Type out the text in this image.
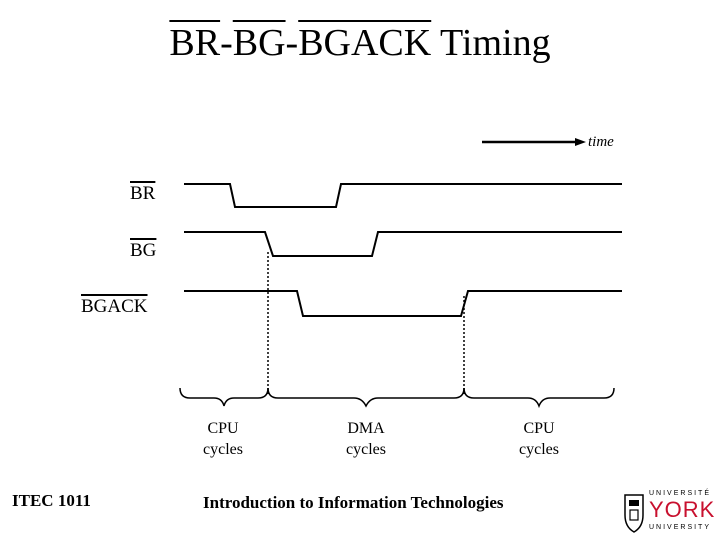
$\overline{BR}-\overline{BG}$-BGACK Timing
time
$\overline{BR}$
$\overline{BG}$
BGACK
CPU
cycles
DMA
cycles
CPU
cycles
ITEC 1011	Introduction to Information Technologies	UNIVERSITÉ
YORK
UNIVERSITY
